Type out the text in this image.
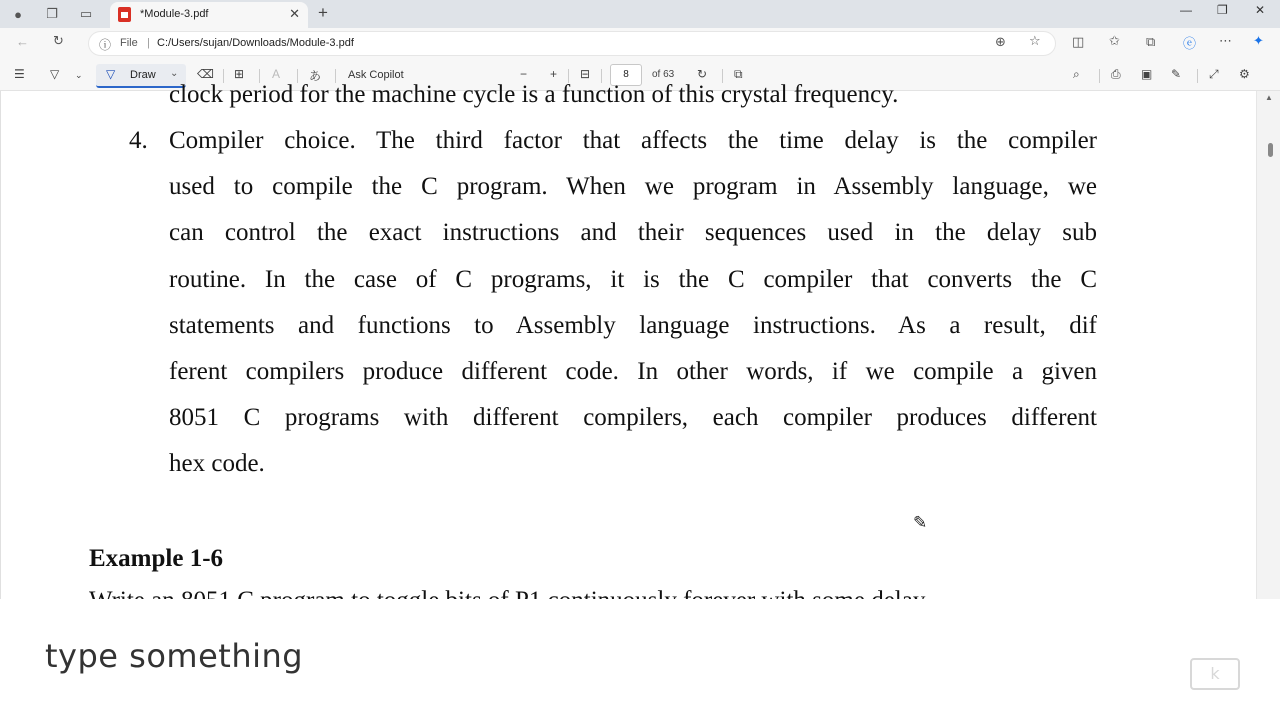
●	❐	▭	*Module-3.pdf	✕ +	— ❐ ✕
← ↻	ⓘ File | C:/Users/sujan/Downloads/Module-3.pdf	⊕ ☆ ◫ ✩ ⧉ ⓔ ⋯ ✦
☰ ▽ ⌄ ▽ Draw ⌄ ⌫ ⊞ A あ Ask Copilot	− + ⊟	8	of 63 ↻ ⧉	⌕	⎙ ▣ ✎ ⤢ ⚙
clock period for the machine cycle is a function of this crystal frequency.
4. Compiler choice. The third factor that affects the time delay is the compiler
used to compile the C program. When we program in Assembly language, we
can control the exact instructions and their sequences used in the delay sub
routine. In the case of C programs, it is the C compiler that converts the C
statements and functions to Assembly language instructions. As a result, dif
ferent compilers produce different code. In other words, if we compile a given
8051 C programs with different compilers, each compiler produces different
hex code.
Example 1-6
✎
▲
type something	k
